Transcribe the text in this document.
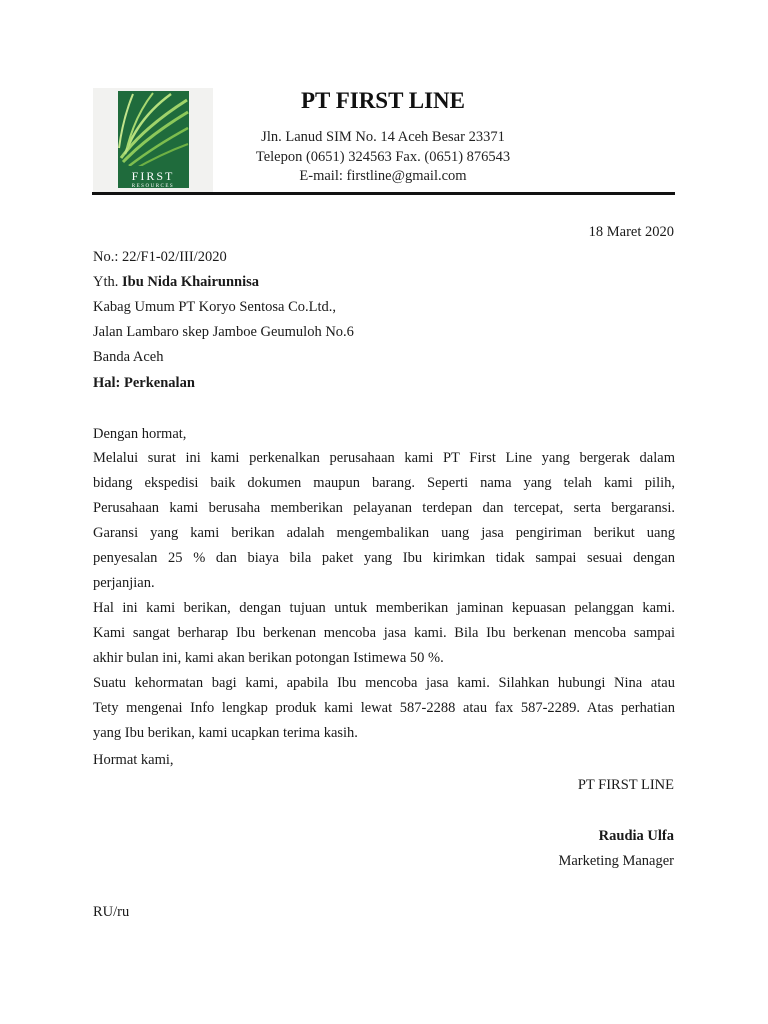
FIRST
RESOURCES
PT FIRST LINE
Jln. Lanud SIM No. 14 Aceh Besar 23371
Telepon (0651) 324563 Fax. (0651) 876543
E-mail: firstline@gmail.com
18 Maret 2020
No.: 22/F1-02/III/2020
Yth. Ibu Nida Khairunnisa
Kabag Umum PT Koryo Sentosa Co.Ltd.,
Jalan Lambaro skep Jamboe Geumuloh No.6
Banda Aceh
Hal: Perkenalan
Dengan hormat,
Melalui surat ini kami perkenalkan perusahaan kami PT First Line yang bergerak dalam
bidang ekspedisi baik dokumen maupun barang. Seperti nama yang telah kami pilih,
Perusahaan kami berusaha memberikan pelayanan terdepan dan tercepat, serta bergaransi.
Garansi yang kami berikan adalah mengembalikan uang jasa pengiriman berikut uang
penyesalan 25 % dan biaya bila paket yang Ibu kirimkan tidak sampai sesuai dengan
perjanjian.
Hal ini kami berikan, dengan tujuan untuk memberikan jaminan kepuasan pelanggan kami.
Kami sangat berharap Ibu berkenan mencoba jasa kami. Bila Ibu berkenan mencoba sampai
akhir bulan ini, kami akan berikan potongan Istimewa 50 %.
Suatu kehormatan bagi kami, apabila Ibu mencoba jasa kami. Silahkan hubungi Nina atau
Tety mengenai Info lengkap produk kami lewat 587-2288 atau fax 587-2289. Atas perhatian
yang Ibu berikan, kami ucapkan terima kasih.
Hormat kami,
PT FIRST LINE
Raudia Ulfa
Marketing Manager
RU/ru
